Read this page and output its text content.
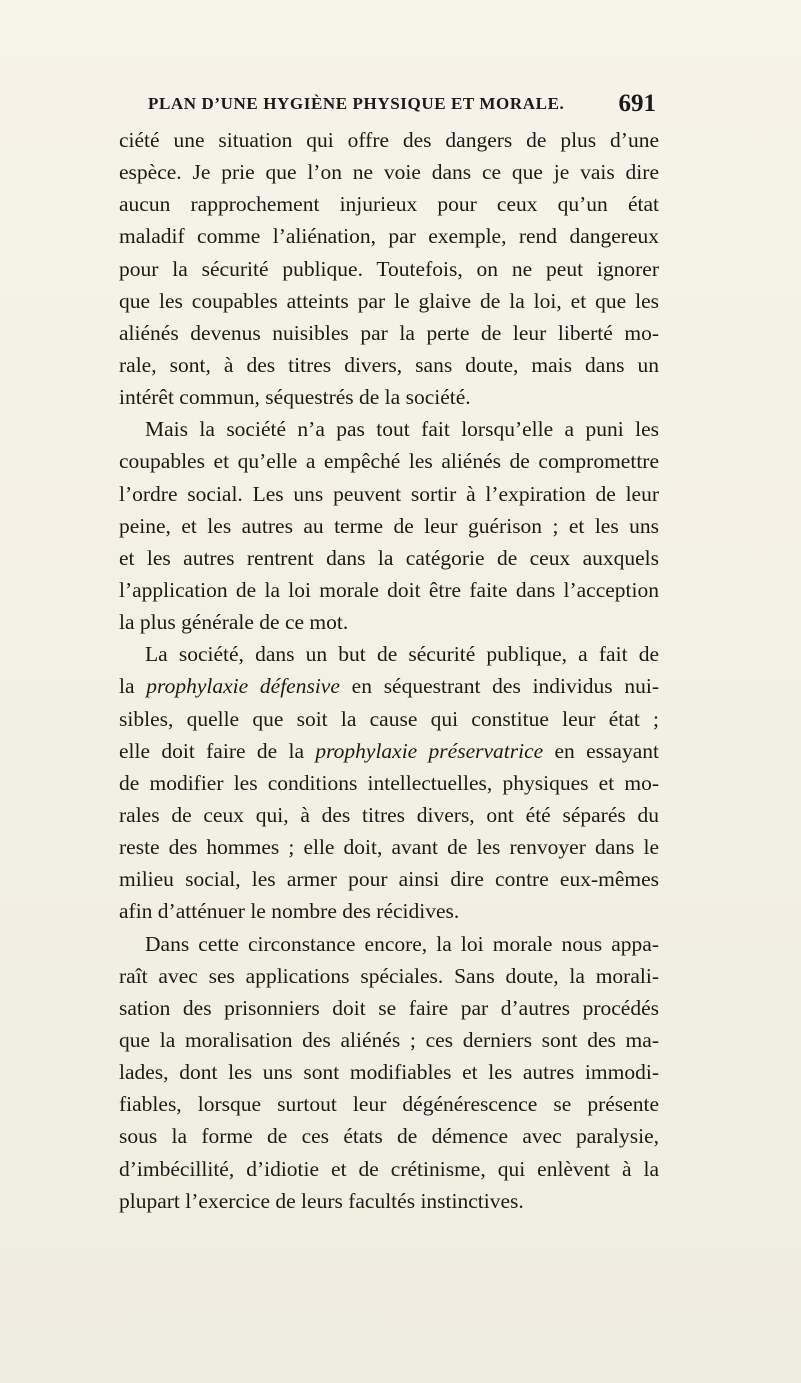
PLAN D’UNE HYGIÈNE PHYSIQUE ET MORALE. 691
ciété une situation qui offre des dangers de plus d’une
espèce. Je prie que l’on ne voie dans ce que je vais dire
aucun rapprochement injurieux pour ceux qu’un état
maladif comme l’aliénation, par exemple, rend dangereux
pour la sécurité publique. Toutefois, on ne peut ignorer
que les coupables atteints par le glaive de la loi, et que les
aliénés devenus nuisibles par la perte de leur liberté mo-
rale, sont, à des titres divers, sans doute, mais dans un
intérêt commun, séquestrés de la société.
Mais la société n’a pas tout fait lorsqu’elle a puni les
coupables et qu’elle a empêché les aliénés de compromettre
l’ordre social. Les uns peuvent sortir à l’expiration de leur
peine, et les autres au terme de leur guérison ; et les uns
et les autres rentrent dans la catégorie de ceux auxquels
l’application de la loi morale doit être faite dans l’acception
la plus générale de ce mot.
La société, dans un but de sécurité publique, a fait de
la prophylaxie défensive en séquestrant des individus nui-
sibles, quelle que soit la cause qui constitue leur état ;
elle doit faire de la prophylaxie préservatrice en essayant
de modifier les conditions intellectuelles, physiques et mo-
rales de ceux qui, à des titres divers, ont été séparés du
reste des hommes ; elle doit, avant de les renvoyer dans le
milieu social, les armer pour ainsi dire contre eux-mêmes
afin d’atténuer le nombre des récidives.
Dans cette circonstance encore, la loi morale nous appa-
raît avec ses applications spéciales. Sans doute, la morali-
sation des prisonniers doit se faire par d’autres procédés
que la moralisation des aliénés ; ces derniers sont des ma-
lades, dont les uns sont modifiables et les autres immodi-
fiables, lorsque surtout leur dégénérescence se présente
sous la forme de ces états de démence avec paralysie,
d’imbécillité, d’idiotie et de crétinisme, qui enlèvent à la
plupart l’exercice de leurs facultés instinctives.
